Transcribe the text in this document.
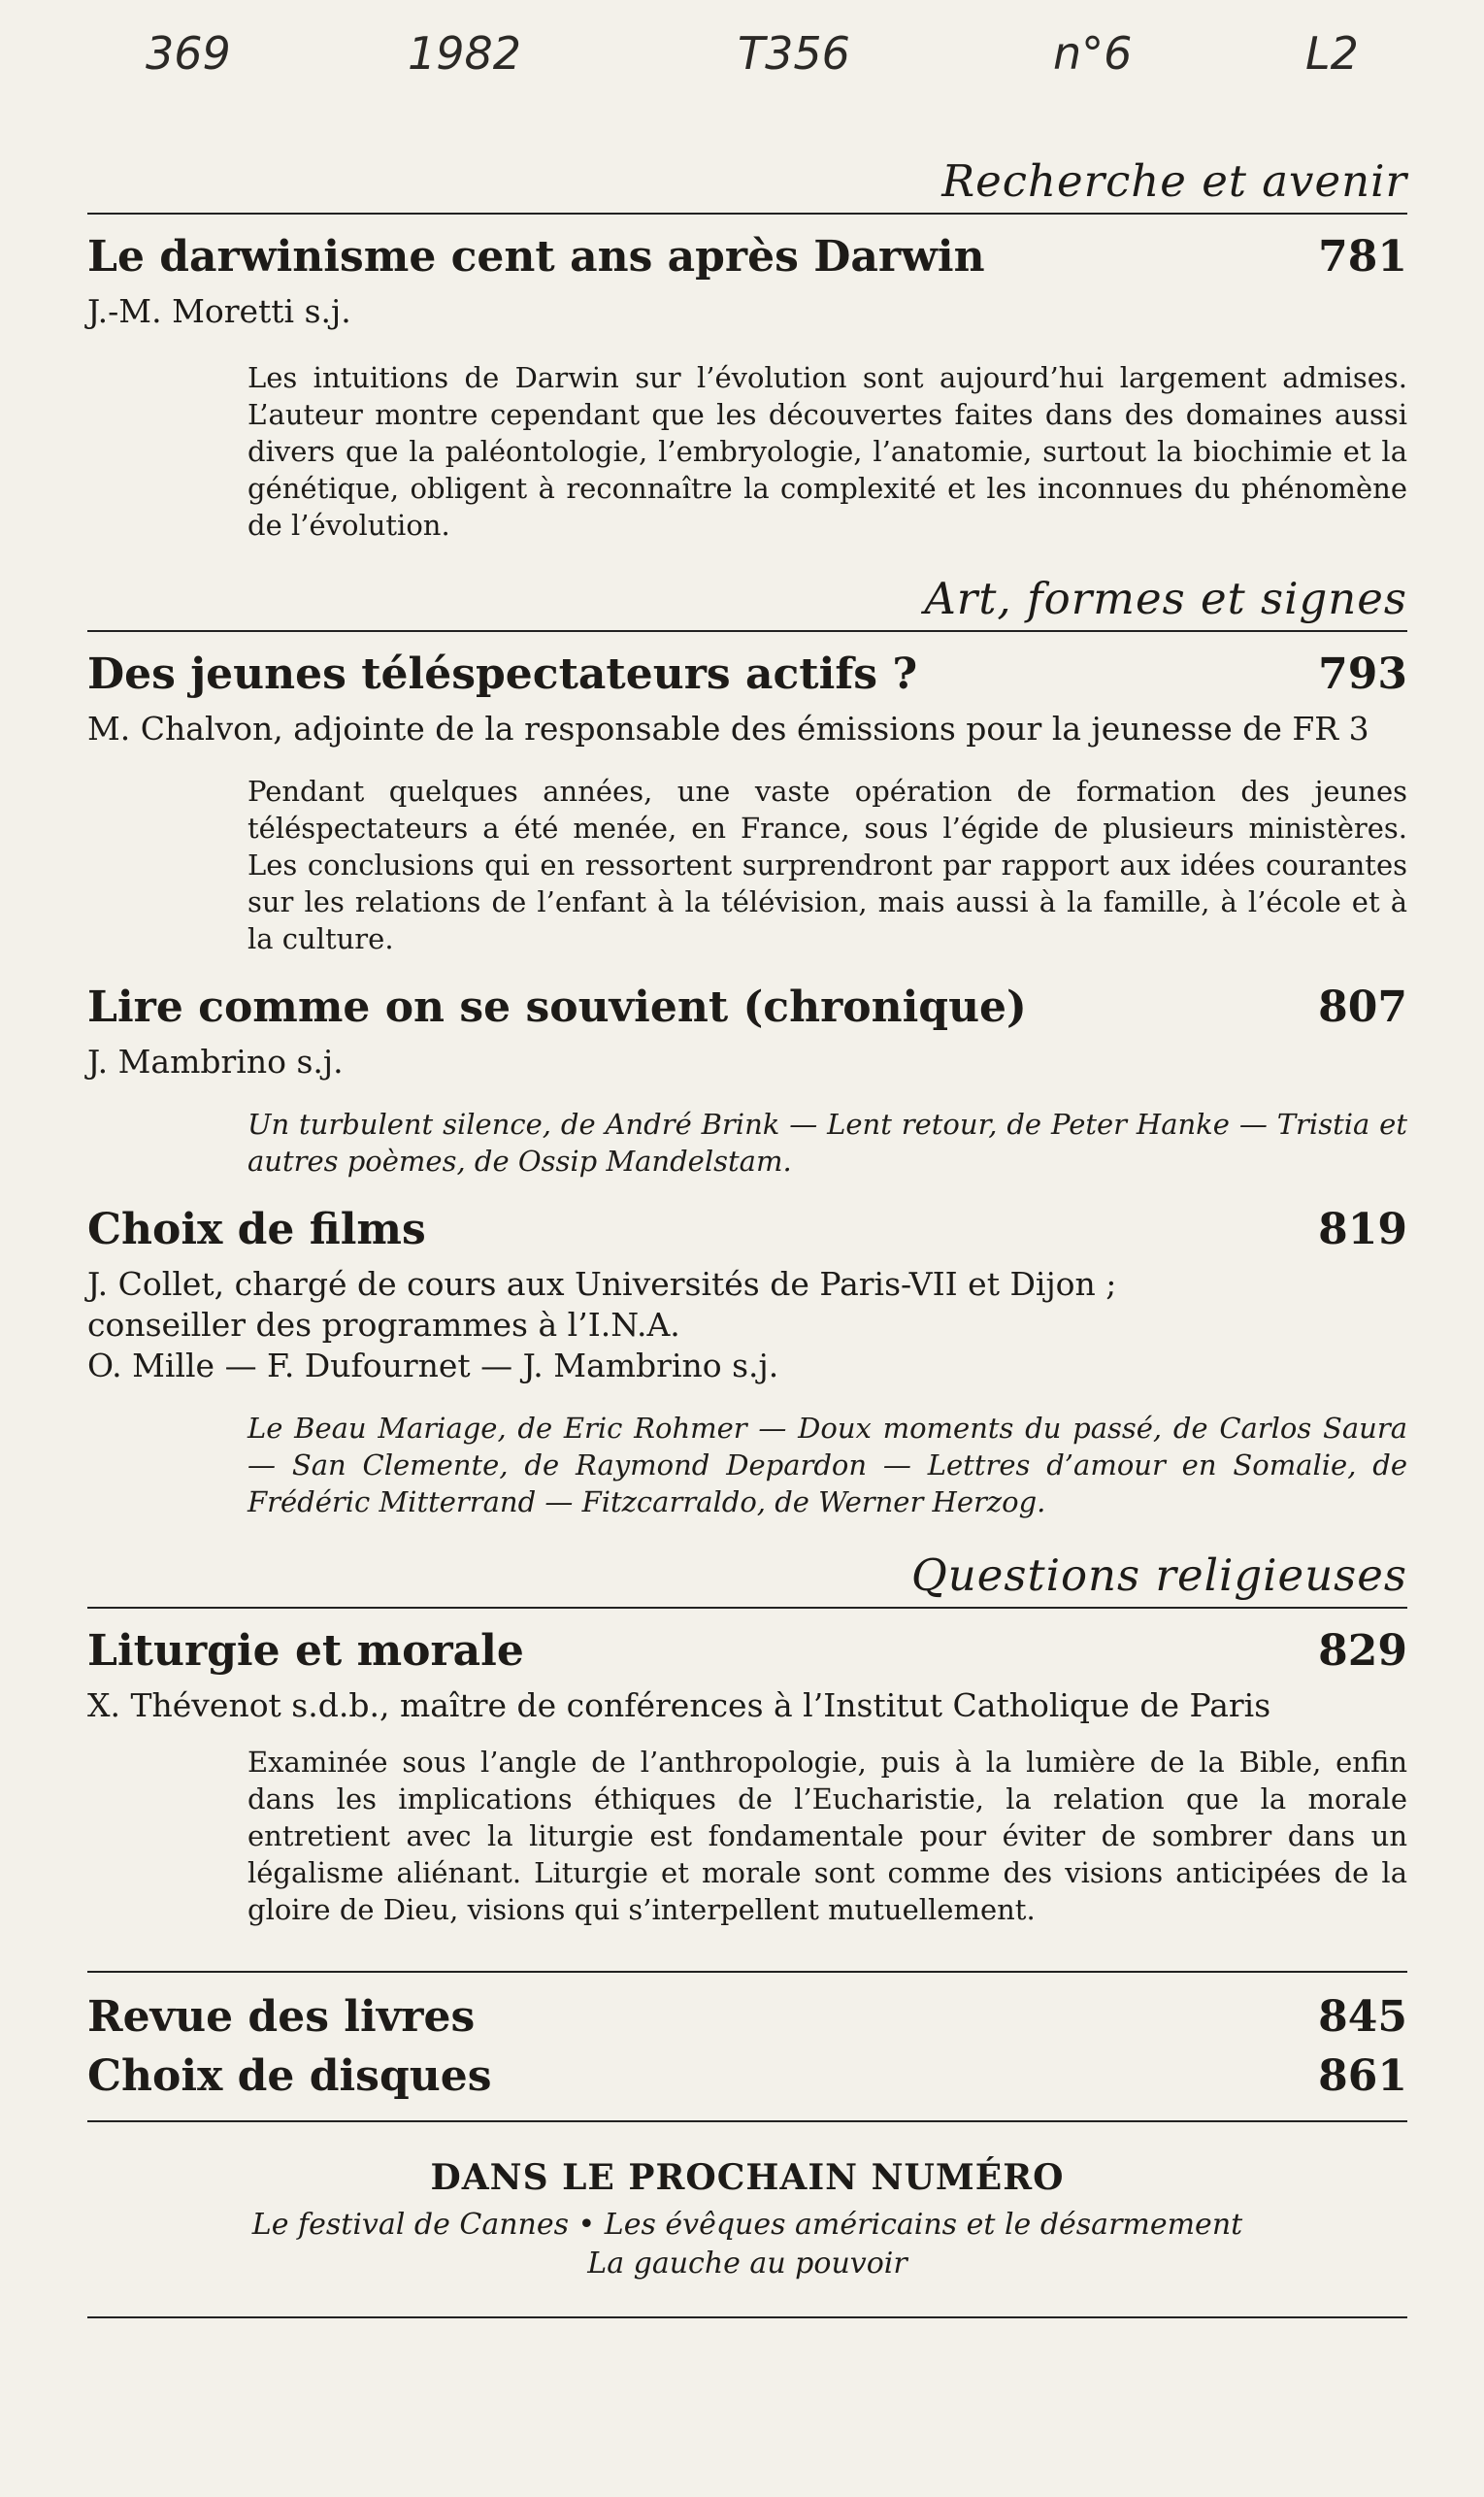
369	1982	T356	n°6	L2
Recherche et avenir
Le darwinisme cent ans après Darwin	781
J.-M. Moretti s.j.
Les intuitions de Darwin sur l’évolution sont aujourd’hui largement admises. L’auteur montre cependant que les découvertes faites dans des domaines aussi divers que la paléontologie, l’embryologie, l’anatomie, surtout la biochimie et la génétique, obligent à reconnaître la complexité et les inconnues du phénomène de l’évolution.
Art, formes et signes
Des jeunes téléspectateurs actifs ?	793
M. Chalvon, adjointe de la responsable des émissions pour la jeunesse de FR 3
Pendant quelques années, une vaste opération de formation des jeunes téléspectateurs a été menée, en France, sous l’égide de plusieurs ministères. Les conclusions qui en ressortent surprendront par rapport aux idées courantes sur les relations de l’enfant à la télévision, mais aussi à la famille, à l’école et à la culture.
Lire comme on se souvient (chronique)	807
J. Mambrino s.j.
Un turbulent silence, de André Brink — Lent retour, de Peter Hanke — Tristia et autres poèmes, de Ossip Mandelstam.
Choix de films	819
J. Collet, chargé de cours aux Universités de Paris-VII et Dijon ;
conseiller des programmes à l’I.N.A.
O. Mille — F. Dufournet — J. Mambrino s.j.
Le Beau Mariage, de Eric Rohmer — Doux moments du passé, de Carlos Saura — San Clemente, de Raymond Depardon — Lettres d’amour en Somalie, de Frédéric Mitterrand — Fitzcarraldo, de Werner Herzog.
Questions religieuses
Liturgie et morale	829
X. Thévenot s.d.b., maître de conférences à l’Institut Catholique de Paris
Examinée sous l’angle de l’anthropologie, puis à la lumière de la Bible, enfin dans les implications éthiques de l’Eucharistie, la relation que la morale entretient avec la liturgie est fondamentale pour éviter de sombrer dans un légalisme aliénant. Liturgie et morale sont comme des visions anticipées de la gloire de Dieu, visions qui s’interpellent mutuellement.
Revue des livres	845
Choix de disques	861
DANS LE PROCHAIN NUMÉRO
Le festival de Cannes • Les évêques américains et le désarmement
La gauche au pouvoir
